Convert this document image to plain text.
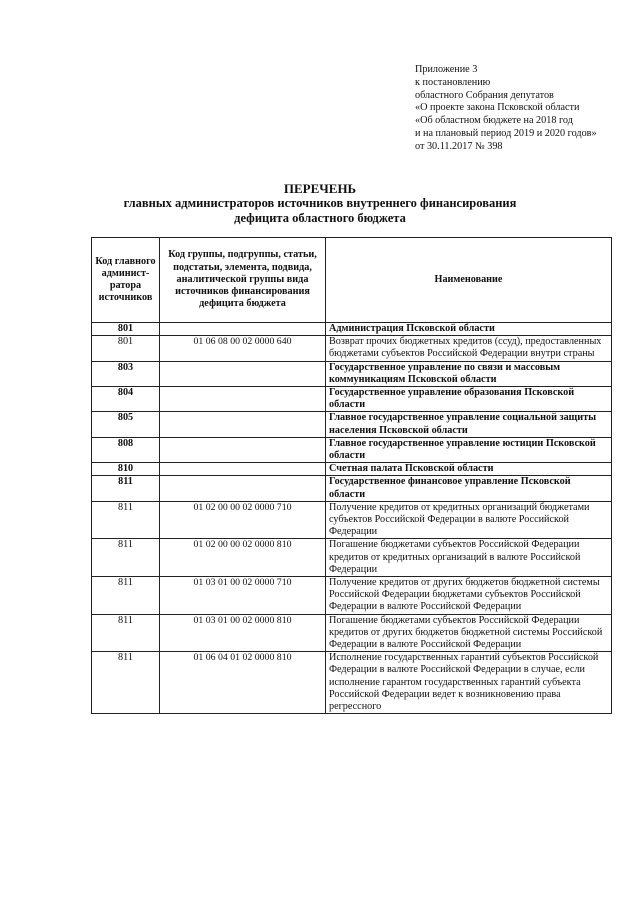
Приложение 3
к постановлению
областного Собрания депутатов
«О проекте закона Псковской области
«Об областном бюджете на 2018 год
и на плановый период 2019 и 2020 годов»
от 30.11.2017 № 398
ПЕРЕЧЕНЬ
главных администраторов источников внутреннего финансирования
дефицита областного бюджета
Код главного админист- ратора источников	Код группы, подгруппы, статьи, подстатьи, элемента, подвида, аналитической группы вида источников финансирования дефицита бюджета	Наименование
801		Администрация Псковской области
801	01 06 08 00 02 0000 640	Возврат прочих бюджетных кредитов (ссуд), предоставленных бюджетами субъектов Российской Федерации внутри страны
803		Государственное управление по связи и массовым коммуникациям Псковской области
804		Государственное управление образования Псковской области
805		Главное государственное управление социальной защиты населения Псковской области
808		Главное государственное управление юстиции Псковской области
810		Счетная палата Псковской области
811		Государственное финансовое управление Псковской области
811	01 02 00 00 02 0000 710	Получение кредитов от кредитных организаций бюджетами субъектов Российской Федерации в валюте Российской Федерации
811	01 02 00 00 02 0000 810	Погашение бюджетами субъектов Российской Федерации кредитов от кредитных организаций в валюте Российской Федерации
811	01 03 01 00 02 0000 710	Получение кредитов от других бюджетов бюджетной системы Российской Федерации бюджетами субъектов Российской Федерации в валюте Российской Федерации
811	01 03 01 00 02 0000 810	Погашение бюджетами субъектов Российской Федерации кредитов от других бюджетов бюджетной системы Российской Федерации в валюте Российской Федерации
811	01 06 04 01 02 0000 810	Исполнение государственных гарантий субъектов Российской Федерации в валюте Российской Федерации в случае, если исполнение гарантом государственных гарантий субъекта Российской Федерации ведет к возникновению права регрессного
